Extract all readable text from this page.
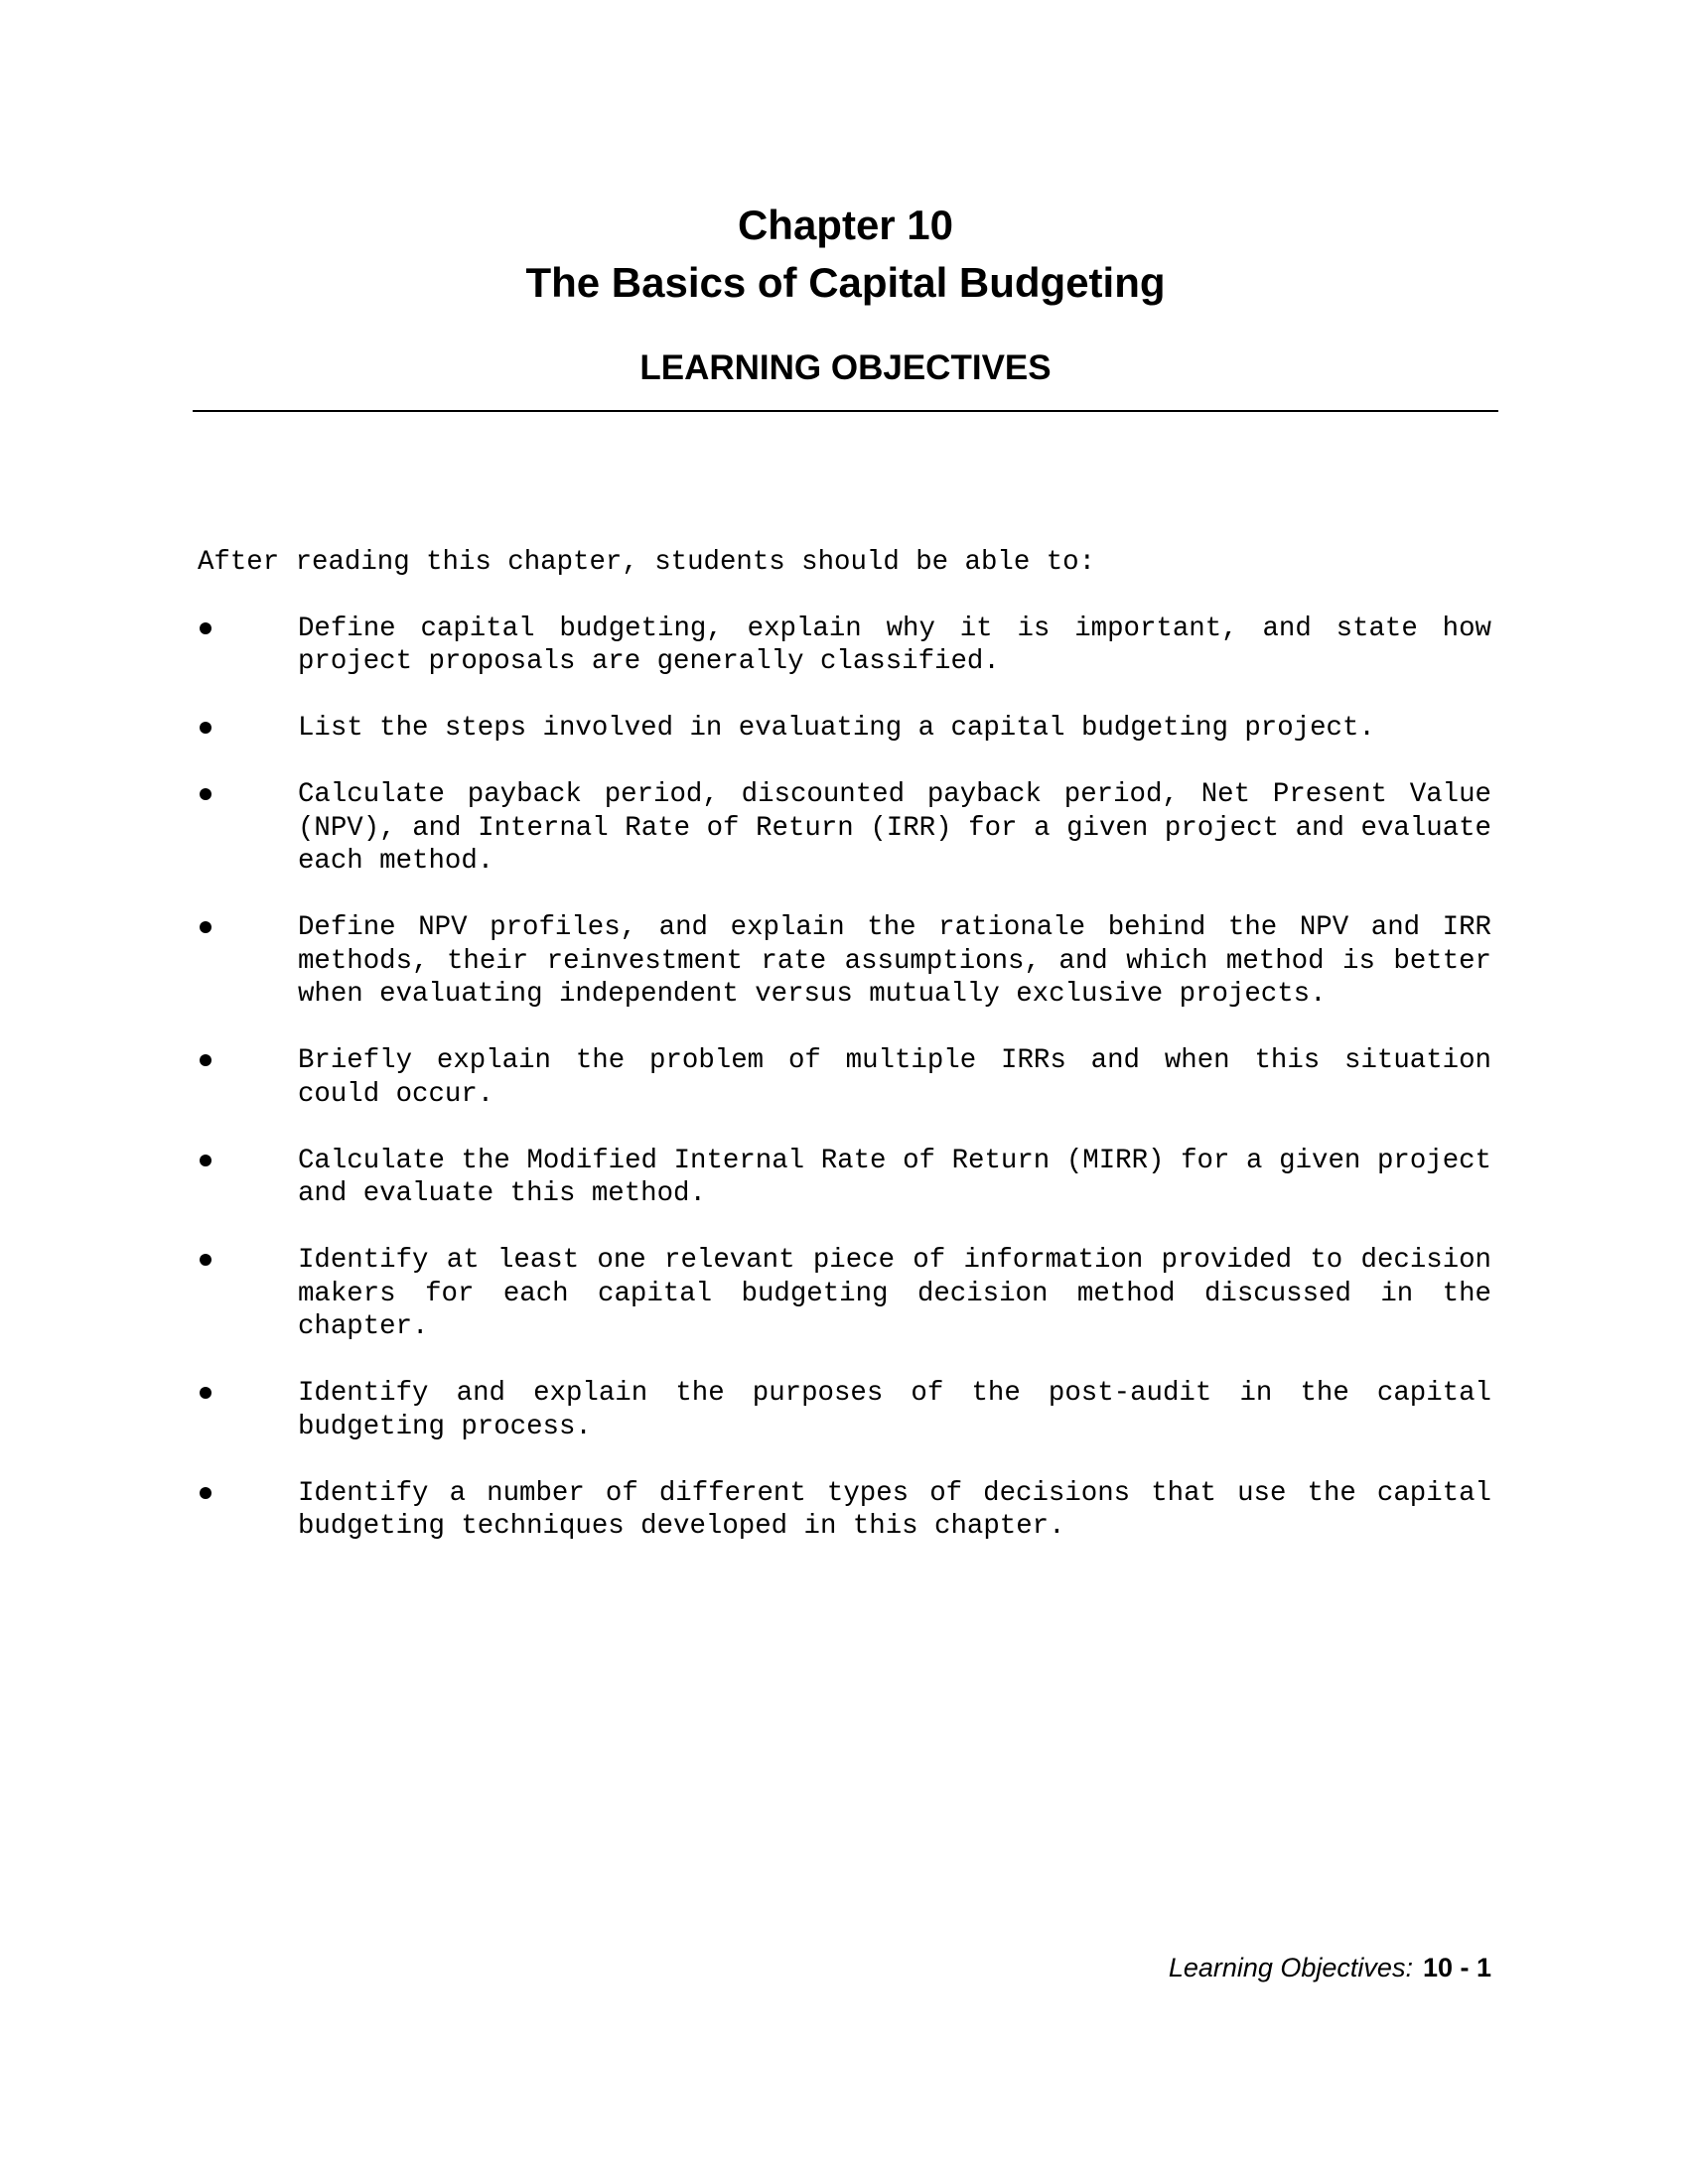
Chapter 10
The Basics of Capital Budgeting
LEARNING OBJECTIVES

After reading this chapter, students should be able to:

Define capital budgeting, explain why it is important, and state how project proposals are generally classified.
List the steps involved in evaluating a capital budgeting project.
Calculate payback period, discounted payback period, Net Present Value (NPV), and Internal Rate of Return (IRR) for a given project and evaluate each method.
Define NPV profiles, and explain the rationale behind the NPV and IRR methods, their reinvestment rate assumptions, and which method is better when evaluating independent versus mutually exclusive projects.
Briefly explain the problem of multiple IRRs and when this situation could occur.
Calculate the Modified Internal Rate of Return (MIRR) for a given project and evaluate this method.
Identify at least one relevant piece of information provided to decision makers for each capital budgeting decision method discussed in the chapter.
Identify and explain the purposes of the post-audit in the capital budgeting process.
Identify a number of different types of decisions that use the capital budgeting techniques developed in this chapter.
Learning Objectives: 10 - 1
